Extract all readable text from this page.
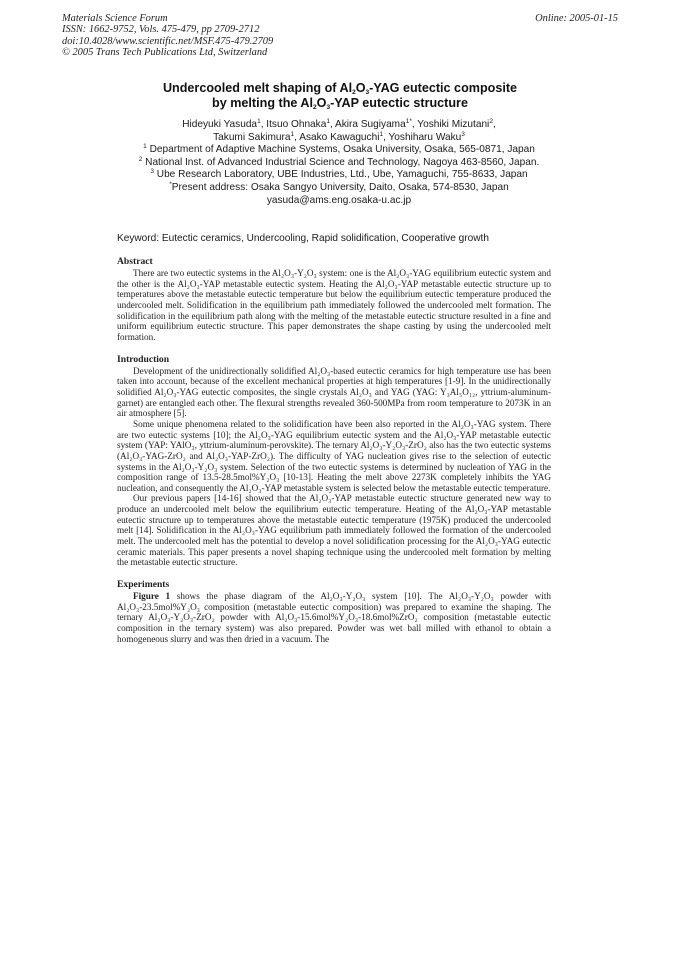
Materials Science Forum
ISSN: 1662-9752, Vols. 475-479, pp 2709-2712
doi:10.4028/www.scientific.net/MSF.475-479.2709
© 2005 Trans Tech Publications Ltd, Switzerland
Online: 2005-01-15
Undercooled melt shaping of $Al_2O_3$-YAG eutectic composite
by melting the $Al_2O_3$-YAP eutectic structure
Hideyuki Yasuda$^1$, Itsuo Ohnaka$^1$, Akira Sugiyama$^{1*}$, Yoshiki Mizutani$^2$,
Takumi Sakimura$^1$, Asako Kawaguchi$^1$, Yoshiharu Waku$^3$
$^1$ Department of Adaptive Machine Systems, Osaka University, Osaka, 565-0871, Japan
$^2$ National Inst. of Advanced Industrial Science and Technology, Nagoya 463-8560, Japan.
$^3$ Ube Research Laboratory, UBE Industries, Ltd., Ube, Yamaguchi, 755-8633, Japan
*Present address: Osaka Sangyo University, Daito, Osaka, 574-8530, Japan
yasuda@ams.eng.osaka-u.ac.jp
Keyword: Eutectic ceramics, Undercooling, Rapid solidification, Cooperative growth
Abstract

There are two eutectic systems in the Al₂O₃-Y₂O₃ system: one is the Al₂O₃-YAG equilibrium eutectic system and the other is the Al₂O₃-YAP metastable eutectic system. Heating the Al₂O₃-YAP metastable eutectic structure up to temperatures above the metastable eutectic temperature but below the equilibrium eutectic temperature produced the undercooled melt. Solidification in the equilibrium path immediately followed the undercooled melt formation. The solidification in the equilibrium path along with the melting of the metastable eutectic structure resulted in a fine and uniform equilibrium eutectic structure. This paper demonstrates the shape casting by using the undercooled melt formation.

Introduction

Development of the unidirectionally solidified Al₂O₃-based eutectic ceramics for high temperature use has been taken into account, because of the excellent mechanical properties at high temperatures [1-9]. In the unidirectionally solidified Al₂O₃-YAG eutectic composites, the single crystals Al₂O₃ and YAG (YAG: Y₃Al₅O₁₂, yttrium-aluminum-garnet) are entangled each other. The flexural strengths revealed 360-500MPa from room temperature to 2073K in an air atmosphere [5].

Some unique phenomena related to the solidification have been also reported in the Al₂O₃-YAG system. There are two eutectic systems [10]; the Al₂O₃-YAG equilibrium eutectic system and the Al₂O₃-YAP metastable eutectic system (YAP: YAlO₃, yttrium-aluminum-perovskite). The ternary Al₂O₃-Y₂O₃-ZrO₂ also has the two eutectic systems (Al₂O₃-YAG-ZrO₂ and Al₂O₃-YAP-ZrO₂). The difficulty of YAG nucleation gives rise to the selection of eutectic systems in the Al₂O₃-Y₂O₃ system. Selection of the two eutectic systems is determined by nucleation of YAG in the composition range of 13.5-28.5mol%Y₂O₃ [10-13]. Heating the melt above 2273K completely inhibits the YAG nucleation, and consequently the Al₂O₃-YAP metastable system is selected below the metastable eutectic temperature.

Our previous papers [14-16] showed that the Al₂O₃-YAP metastable eutectic structure generated new way to produce an undercooled melt below the equilibrium eutectic temperature. Heating of the Al₂O₃-YAP metastable eutectic structure up to temperatures above the metastable eutectic temperature (1975K) produced the undercooled melt [14]. Solidification in the Al₂O₃-YAG equilibrium path immediately followed the formation of the undercooled melt. The undercooled melt has the potential to develop a novel solidification processing for the Al₂O₃-YAG eutectic ceramic materials. This paper presents a novel shaping technique using the undercooled melt formation by melting the metastable eutectic structure.

Experiments

Figure 1 shows the phase diagram of the Al₂O₃-Y₂O₃ system [10]. The Al₂O₃-Y₂O₃ powder with Al₂O₃-23.5mol%Y₂O₃ composition (metastable eutectic composition) was prepared to examine the shaping. The ternary Al₂O₃-Y₂O₃-ZrO₂ powder with Al₂O₃-15.6mol%Y₂O₃-18.6mol%ZrO₂ composition (metastable eutectic composition in the ternary system) was also prepared. Powder was wet ball milled with ethanol to obtain a homogeneous slurry and was then dried in a vacuum. The
